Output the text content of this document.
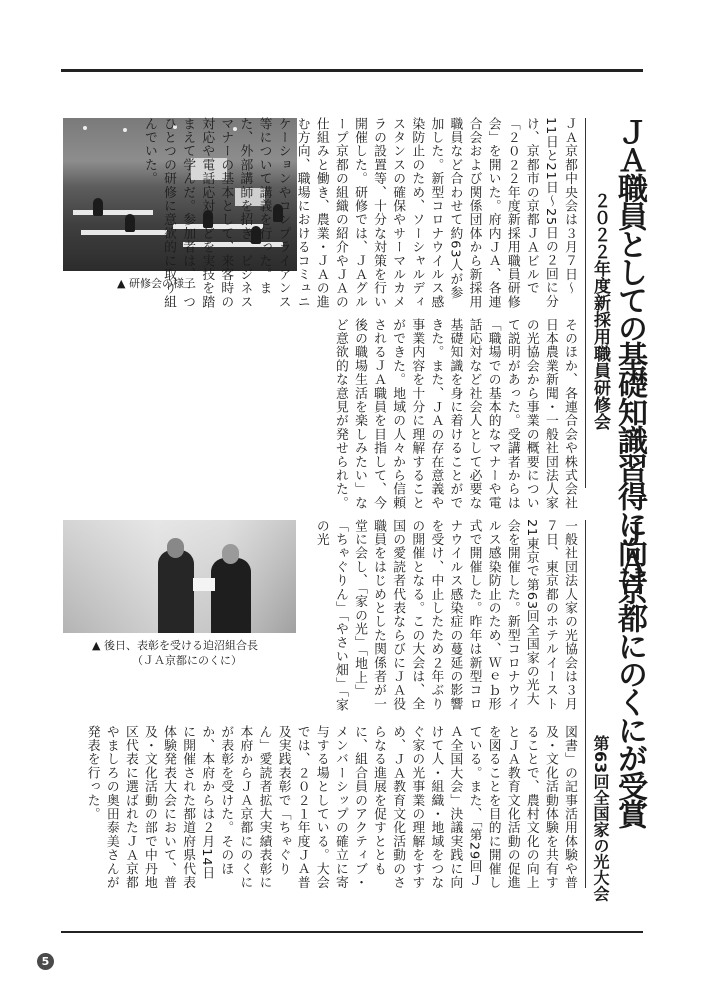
ＪＡ職員としての基礎知識習得に向け
２０２２年度新採用職員研修会
▲ 研修会の様子	ＪＡ京都中央会は３月７日～11日と21日～25日の２回に分け、京都市の京都ＪＡビルで「２０２２年度新採用職員研修会」を開いた。府内ＪＡ、各連合会および関係団体から新採用職員など合わせて約63人が参加した。新型コロナウイルス感染防止のため、ソーシャルディスタンスの確保やサーマルカメラの設置等、十分な対策を行い開催した。研修では、ＪＡグループ京都の組織の紹介やＪＡの仕組みと働き、農業・ＪＡの進む方向、職場におけるコミュニケーションやコンプライアンス等について講義を行った。また、外部講師を招き、ビジネスマナーの基本として、来客時の対応や電話応対などを実技を踏まえて学んだ。参加者は、一つひとつの研修に意欲的に取り組んでいた。
そのほか、各連合会や株式会社日本農業新聞・一般社団法人家の光協会から事業の概要について説明があった。受講者からは「職場での基本的なマナーや電話応対など社会人として必要な基礎知識を身に着けることができた。また、ＪＡの存在意義や事業内容を十分に理解することができた。地域の人々から信頼されるＪＡ職員を目指して、今後の職場生活を楽しみたい」など意欲的な意見が発せられた。
ＪＡ京都にのくにが受賞
第63回全国家の光大会
▲ 後日、表彰を受ける迫沼組合長
（ＪＡ京都にのくに）	一般社団法人家の光協会は３月７日、東京都のホテルイースト21東京で第63回全国家の光大会を開催した。新型コロナウイルス感染防止のため、Ｗｅｂ形式で開催した。昨年は新型コロナウイルス感染症の蔓延の影響を受け、中止したため２年ぶりの開催となる。この大会は、全国の愛読者代表ならびにＪＡ役職員をはじめとした関係者が一堂に会し、「家の光」「地上」「ちゃぐりん」「やさい畑」「家の光
図書」の記事活用体験や普及・文化活動体験を共有することで、農村文化の向上とＪＡ教育文化活動の促進を図ることを目的に開催している。また、「第29回ＪＡ全国大会」決議実践に向けて人・組織・地域をつなぐ家の光事業の理解をすすめ、ＪＡ教育文化活動のさらなる進展を促すとともに、組合員のアクティブ・メンバーシップの確立に寄与する場としている。大会では、２０２１年度ＪＡ普及実践表彰で「ちゃぐりん」愛読者拡大実績表彰に本府からＪＡ京都にのくにが表彰を受けた。そのほか、本府からは２月14日に開催された都道府県代表体験発表大会において、普及・文化活動の部で中丹地区代表に選ばれたＪＡ京都やましろの奥田泰美さんが発表を行った。
5
